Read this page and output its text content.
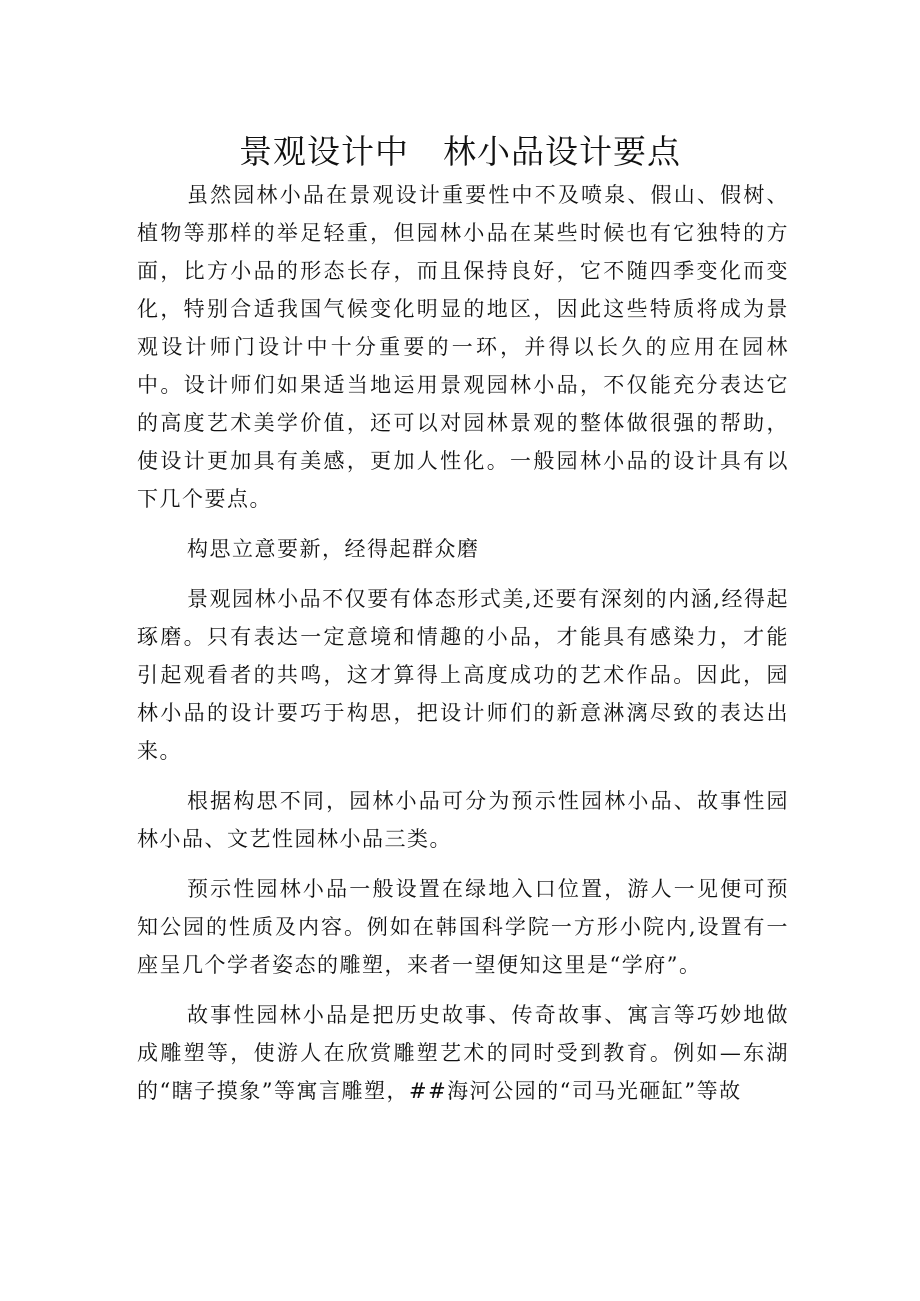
景观设计中　林小品设计要点

虽然园林小品在景观设计重要性中不及喷泉、假山、假树、植物等那样的举足轻重，但园林小品在某些时候也有它独特的方面，比方小品的形态长存，而且保持良好，它不随四季变化而变化，特别合适我国气候变化明显的地区，因此这些特质将成为景观设计师门设计中十分重要的一环，并得以长久的应用在园林中。设计师们如果适当地运用景观园林小品，不仅能充分表达它的高度艺术美学价值，还可以对园林景观的整体做很强的帮助，使设计更加具有美感，更加人性化。一般园林小品的设计具有以下几个要点。

构思立意要新，经得起群众磨

景观园林小品不仅要有体态形式美,还要有深刻的内涵,经得起琢磨。只有表达一定意境和情趣的小品，才能具有感染力，才能引起观看者的共鸣，这才算得上高度成功的艺术作品。因此，园林小品的设计要巧于构思，把设计师们的新意淋漓尽致的表达出来。

根据构思不同，园林小品可分为预示性园林小品、故事性园林小品、文艺性园林小品三类。

预示性园林小品一般设置在绿地入口位置，游人一见便可预知公园的性质及内容。例如在韩国科学院一方形小院内,设置有一座呈几个学者姿态的雕塑，来者一望便知这里是“学府”。

故事性园林小品是把历史故事、传奇故事、寓言等巧妙地做成雕塑等，使游人在欣赏雕塑艺术的同时受到教育。例如—东湖的“瞎子摸象”等寓言雕塑，##海河公园的“司马光砸缸”等故
